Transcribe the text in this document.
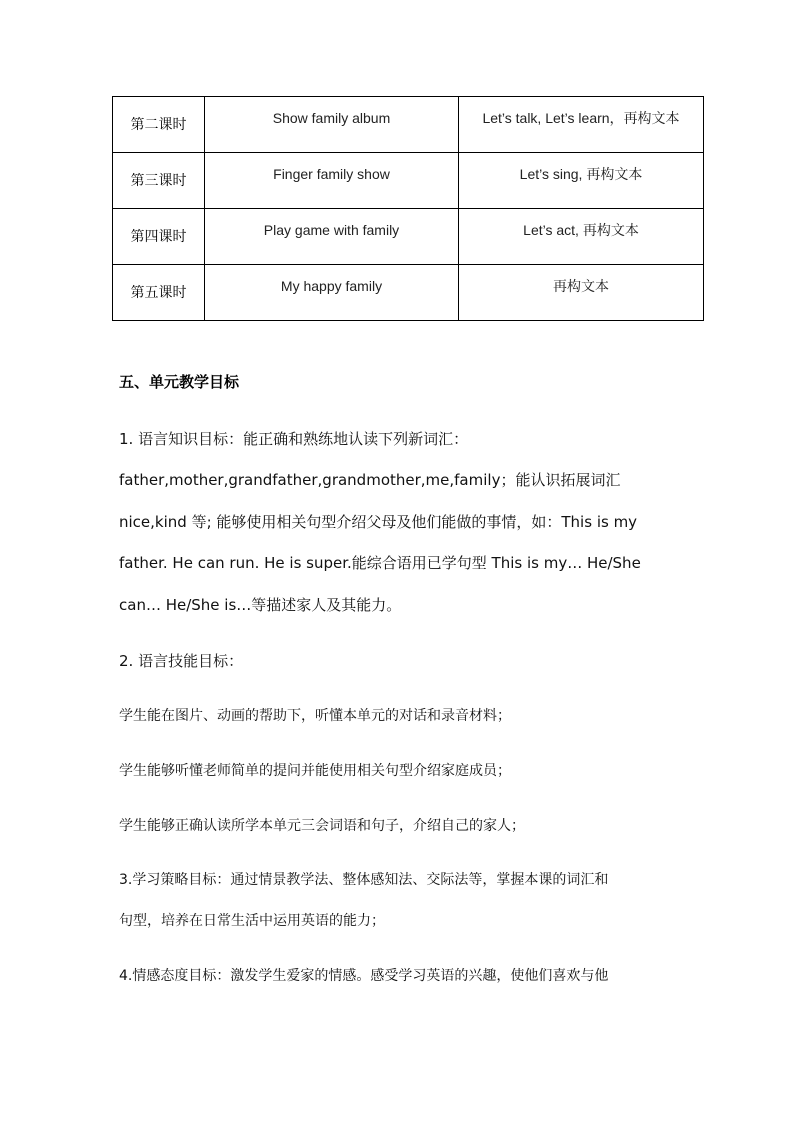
第二课时	Show family album	Let’s talk, Let’s learn，再构文本
第三课时	Finger family show	Let’s sing, 再构文本
第四课时	Play game with family	Let’s act, 再构文本
第五课时	My happy family	再构文本
五、单元教学目标
1. 语言知识目标：能正确和熟练地认读下列新词汇：
father,mother,grandfather,grandmother,me,family；能认识拓展词汇
nice,kind 等; 能够使用相关句型介绍父母及他们能做的事情，如：This is my
father. He can run. He is super.能综合语用已学句型 This is my… He/She
can… He/She is…等描述家人及其能力。
2. 语言技能目标：
学生能在图片、动画的帮助下，听懂本单元的对话和录音材料；
学生能够听懂老师简单的提问并能使用相关句型介绍家庭成员；
学生能够正确认读所学本单元三会词语和句子，介绍自己的家人；
3.学习策略目标：通过情景教学法、整体感知法、交际法等，掌握本课的词汇和
句型，培养在日常生活中运用英语的能力；
4.情感态度目标：激发学生爱家的情感。感受学习英语的兴趣，使他们喜欢与他
